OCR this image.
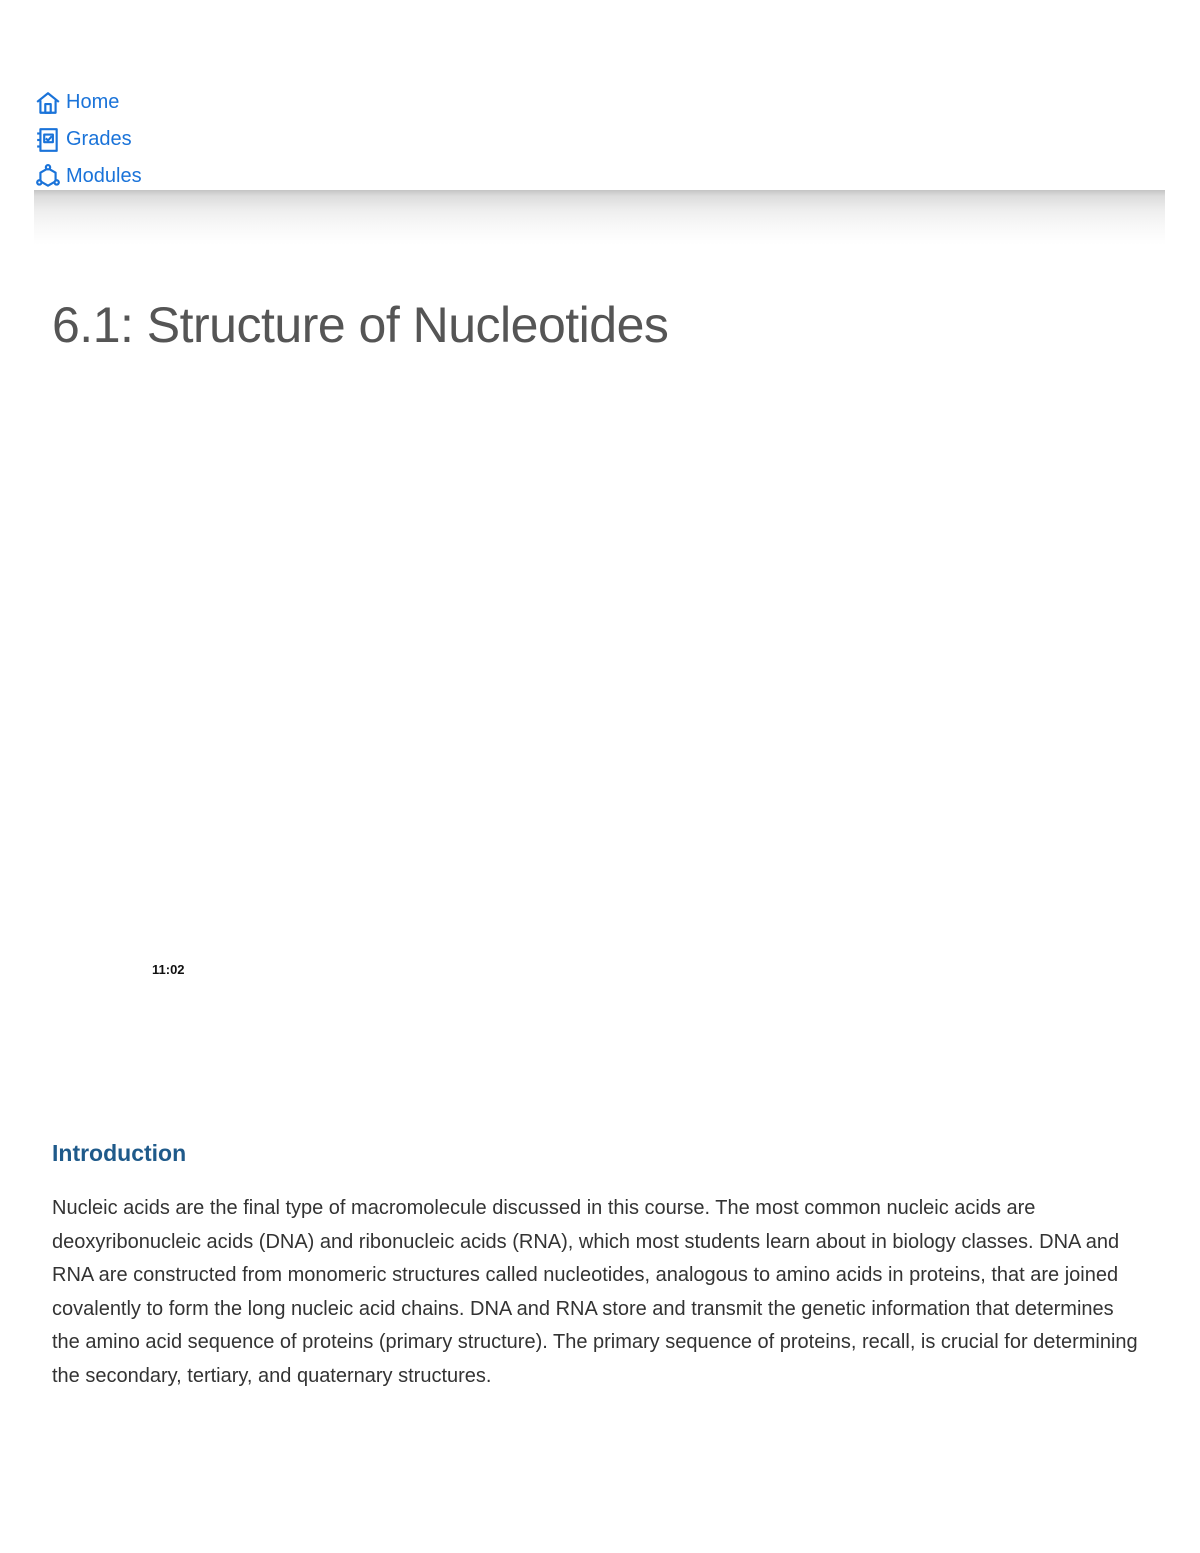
Home
Grades
Modules
6.1: Structure of Nucleotides
11:02
Introduction

Nucleic acids are the final type of macromolecule discussed in this course. The most common nucleic acids are deoxyribonucleic acids (DNA) and ribonucleic acids (RNA), which most students learn about in biology classes. DNA and RNA are constructed from monomeric structures called nucleotides, analogous to amino acids in proteins, that are joined covalently to form the long nucleic acid chains. DNA and RNA store and transmit the genetic information that determines the amino acid sequence of proteins (primary structure). The primary sequence of proteins, recall, is crucial for determining the secondary, tertiary, and quaternary structures.
